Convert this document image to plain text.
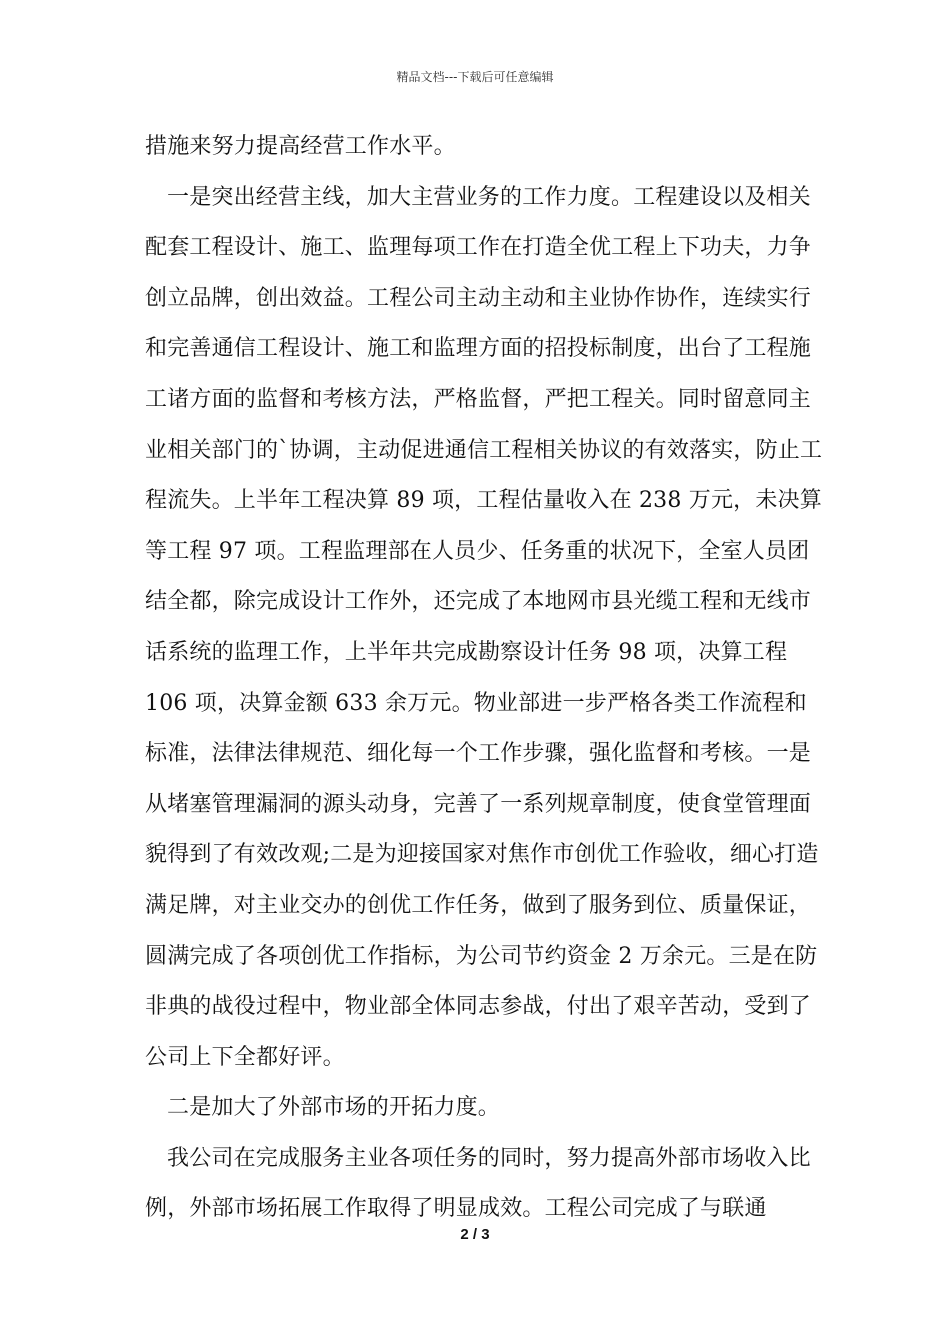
精品文档---下载后可任意编辑

措施来努力提高经营工作水平。

一是突出经营主线，加大主营业务的工作力度。工程建设以及相关配套工程设计、施工、监理每项工作在打造全优工程上下功夫，力争创立品牌，创出效益。工程公司主动主动和主业协作协作，连续实行和完善通信工程设计、施工和监理方面的招投标制度，出台了工程施工诸方面的监督和考核方法，严格监督，严把工程关。同时留意同主业相关部门的`协调，主动促进通信工程相关协议的有效落实，防止工程流失。上半年工程决算 89 项，工程估量收入在 238 万元，未决算等工程 97 项。工程监理部在人员少、任务重的状况下，全室人员团结全都，除完成设计工作外，还完成了本地网市县光缆工程和无线市话系统的监理工作，上半年共完成勘察设计任务 98 项，决算工程 106 项，决算金额 633 余万元。物业部进一步严格各类工作流程和标准，法律法律规范、细化每一个工作步骤，强化监督和考核。一是从堵塞管理漏洞的源头动身，完善了一系列规章制度，使食堂管理面貌得到了有效改观;二是为迎接国家对焦作市创优工作验收，细心打造满足牌，对主业交办的创优工作任务，做到了服务到位、质量保证，圆满完成了各项创优工作指标，为公司节约资金 2 万余元。三是在防非典的战役过程中，物业部全体同志参战，付出了艰辛苦动，受到了公司上下全都好评。

二是加大了外部市场的开拓力度。

我公司在完成服务主业各项任务的同时，努力提高外部市场收入比例，外部市场拓展工作取得了明显成效。工程公司完成了与联通

2 / 3
